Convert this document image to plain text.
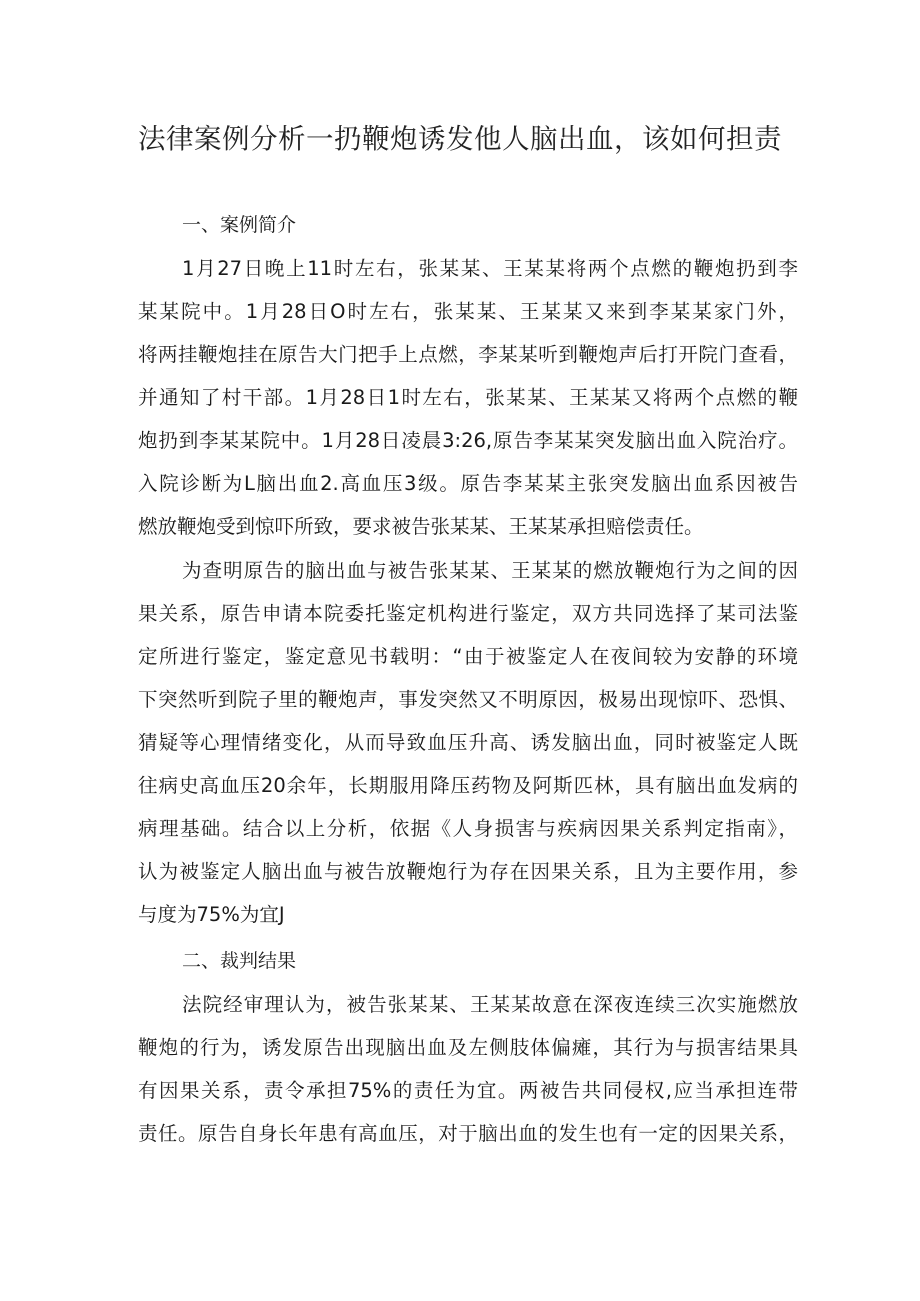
法律案例分析一扔鞭炮诱发他人脑出血，该如何担责
一、案例简介
1月27日晚上11时左右，张某某、王某某将两个点燃的鞭炮扔到李
某某院中。1月28日O时左右，张某某、王某某又来到李某某家门外，
将两挂鞭炮挂在原告大门把手上点燃，李某某听到鞭炮声后打开院门查看，
并通知了村干部。1月28日1时左右，张某某、王某某又将两个点燃的鞭
炮扔到李某某院中。1月28日凌晨3:26,原告李某某突发脑出血入院治疗。
入院诊断为L脑出血2.高血压3级。原告李某某主张突发脑出血系因被告
燃放鞭炮受到惊吓所致，要求被告张某某、王某某承担赔偿责任。
为查明原告的脑出血与被告张某某、王某某的燃放鞭炮行为之间的因
果关系，原告申请本院委托鉴定机构进行鉴定，双方共同选择了某司法鉴
定所进行鉴定，鉴定意见书载明：“由于被鉴定人在夜间较为安静的环境
下突然听到院子里的鞭炮声，事发突然又不明原因，极易出现惊吓、恐惧、
猜疑等心理情绪变化，从而导致血压升高、诱发脑出血，同时被鉴定人既
往病史高血压20余年，长期服用降压药物及阿斯匹林，具有脑出血发病的
病理基础。结合以上分析，依据《人身损害与疾病因果关系判定指南》，
认为被鉴定人脑出血与被告放鞭炮行为存在因果关系，且为主要作用，参
与度为75%为宜J
二、裁判结果
法院经审理认为，被告张某某、王某某故意在深夜连续三次实施燃放
鞭炮的行为，诱发原告出现脑出血及左侧肢体偏瘫，其行为与损害结果具
有因果关系，责令承担75%的责任为宜。两被告共同侵权,应当承担连带
责任。原告自身长年患有高血压，对于脑出血的发生也有一定的因果关系，
